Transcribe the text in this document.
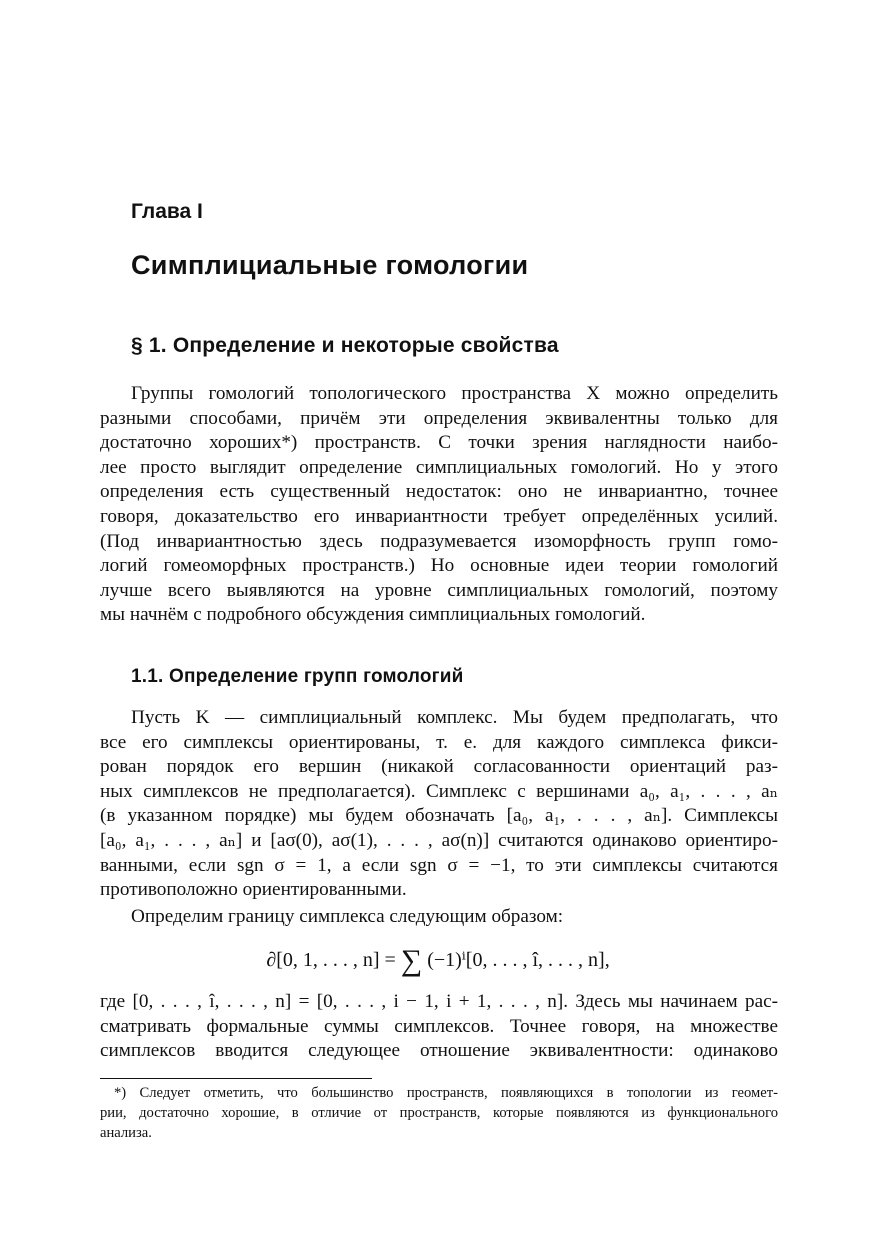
Глава I
Симплициальные гомологии
§ 1. Определение и некоторые свойства
Группы гомологий топологического пространства X можно определить
разными способами, причём эти определения эквивалентны только для
достаточно хороших*) пространств. С точки зрения наглядности наибо-
лее просто выглядит определение симплициальных гомологий. Но у этого
определения есть существенный недостаток: оно не инвариантно, точнее
говоря, доказательство его инвариантности требует определённых усилий.
(Под инвариантностью здесь подразумевается изоморфность групп гомо-
логий гомеоморфных пространств.) Но основные идеи теории гомологий
лучше всего выявляются на уровне симплициальных гомологий, поэтому
мы начнём с подробного обсуждения симплициальных гомологий.
1.1. Определение групп гомологий
Пусть K — симплициальный комплекс. Мы будем предполагать, что
все его симплексы ориентированы, т. е. для каждого симплекса фикси-
рован порядок его вершин (никакой согласованности ориентаций раз-
ных симплексов не предполагается). Симплекс с вершинами a₀, a₁, . . . , aₙ
(в указанном порядке) мы будем обозначать [a₀, a₁, . . . , aₙ]. Симплексы
[a₀, a₁, . . . , aₙ] и [aσ(0), aσ(1), . . . , aσ(n)] считаются одинаково ориентиро-
ванными, если sgn σ = 1, а если sgn σ = −1, то эти симплексы считаются
противоположно ориентированными.
Определим границу симплекса следующим образом:
∂[0, 1, . . . , n] = ∑ (−1)ⁱ[0, . . . , î, . . . , n],
где [0, . . . , î, . . . , n] = [0, . . . , i − 1, i + 1, . . . , n]. Здесь мы начинаем рас-
сматривать формальные суммы симплексов. Точнее говоря, на множестве
симплексов вводится следующее отношение эквивалентности: одинаково
*) Следует отметить, что большинство пространств, появляющихся в топологии из геомет-
рии, достаточно хорошие, в отличие от пространств, которые появляются из функционального
анализа.
